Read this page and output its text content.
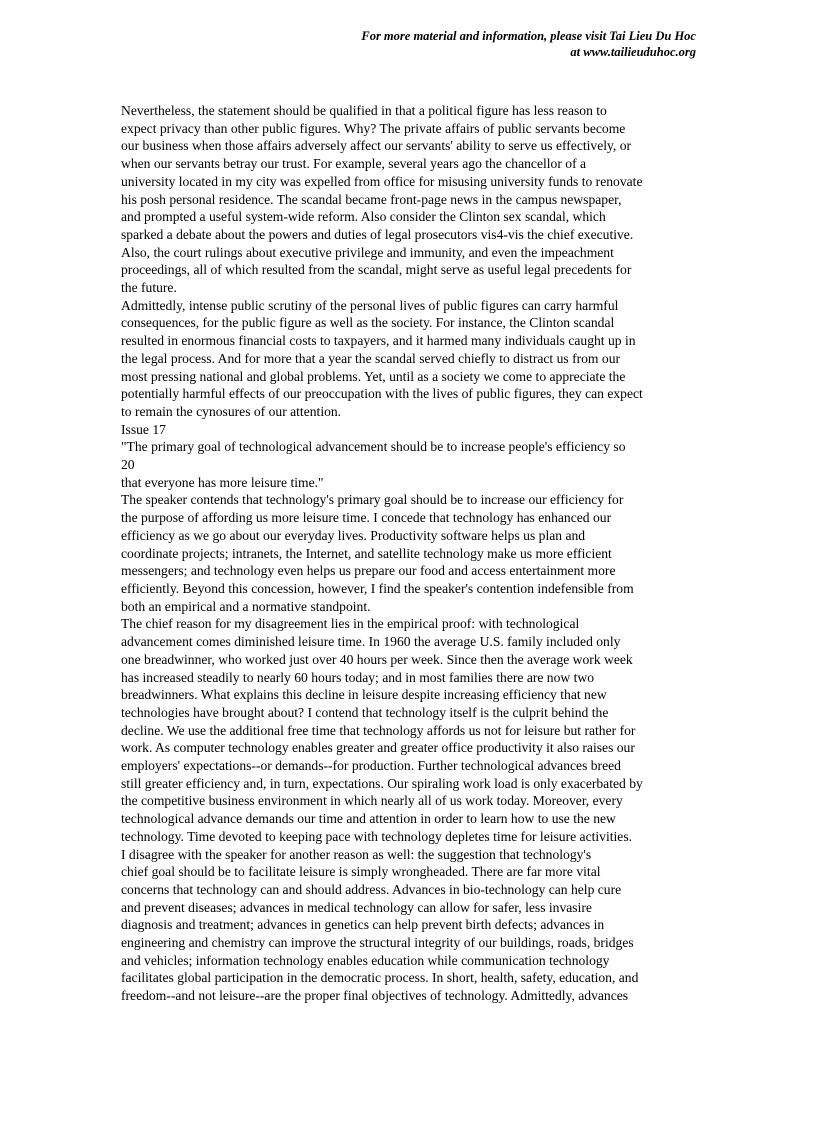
For more material and information, please visit Tai Lieu Du Hoc
at www.tailieuduhoc.org
Nevertheless, the statement should be qualified in that a political figure has less reason to
expect privacy than other public figures. Why? The private affairs of public servants become
our business when those affairs adversely affect our servants' ability to serve us effectively, or
when our servants betray our trust. For example, several years ago the chancellor of a
university located in my city was expelled from office for misusing university funds to renovate
his posh personal residence. The scandal became front-page news in the campus newspaper,
and prompted a useful system-wide reform. Also consider the Clinton sex scandal, which
sparked a debate about the powers and duties of legal prosecutors vis4-vis the chief executive.
Also, the court rulings about executive privilege and immunity, and even the impeachment
proceedings, all of which resulted from the scandal, might serve as useful legal precedents for
the future.
Admittedly, intense public scrutiny of the personal lives of public figures can carry harmful
consequences, for the public figure as well as the society. For instance, the Clinton scandal
resulted in enormous financial costs to taxpayers, and it harmed many individuals caught up in
the legal process. And for more that a year the scandal served chiefly to distract us from our
most pressing national and global problems. Yet, until as a society we come to appreciate the
potentially harmful effects of our preoccupation with the lives of public figures, they can expect
to remain the cynosures of our attention.
Issue 17
"The primary goal of technological advancement should be to increase people's efficiency so
20
that everyone has more leisure time."
The speaker contends that technology's primary goal should be to increase our efficiency for
the purpose of affording us more leisure time. I concede that technology has enhanced our
efficiency as we go about our everyday lives. Productivity software helps us plan and
coordinate projects; intranets, the Internet, and satellite technology make us more efficient
messengers; and technology even helps us prepare our food and access entertainment more
efficiently. Beyond this concession, however, I find the speaker's contention indefensible from
both an empirical and a normative standpoint.
The chief reason for my disagreement lies in the empirical proof: with technological
advancement comes diminished leisure time. In 1960 the average U.S. family included only
one breadwinner, who worked just over 40 hours per week. Since then the average work week
has increased steadily to nearly 60 hours today; and in most families there are now two
breadwinners. What explains this decline in leisure despite increasing efficiency that new
technologies have brought about? I contend that technology itself is the culprit behind the
decline. We use the additional free time that technology affords us not for leisure but rather for
work. As computer technology enables greater and greater office productivity it also raises our
employers' expectations--or demands--for production. Further technological advances breed
still greater efficiency and, in turn, expectations. Our spiraling work load is only exacerbated by
the competitive business environment in which nearly all of us work today. Moreover, every
technological advance demands our time and attention in order to learn how to use the new
technology. Time devoted to keeping pace with technology depletes time for leisure activities.
I disagree with the speaker for another reason as well: the suggestion that technology's
chief goal should be to facilitate leisure is simply wrongheaded. There are far more vital
concerns that technology can and should address. Advances in bio-technology can help cure
and prevent diseases; advances in medical technology can allow for safer, less invasire
diagnosis and treatment; advances in genetics can help prevent birth defects; advances in
engineering and chemistry can improve the structural integrity of our buildings, roads, bridges
and vehicles; information technology enables education while communication technology
facilitates global participation in the democratic process. In short, health, safety, education, and
freedom--and not leisure--are the proper final objectives of technology. Admittedly, advances
